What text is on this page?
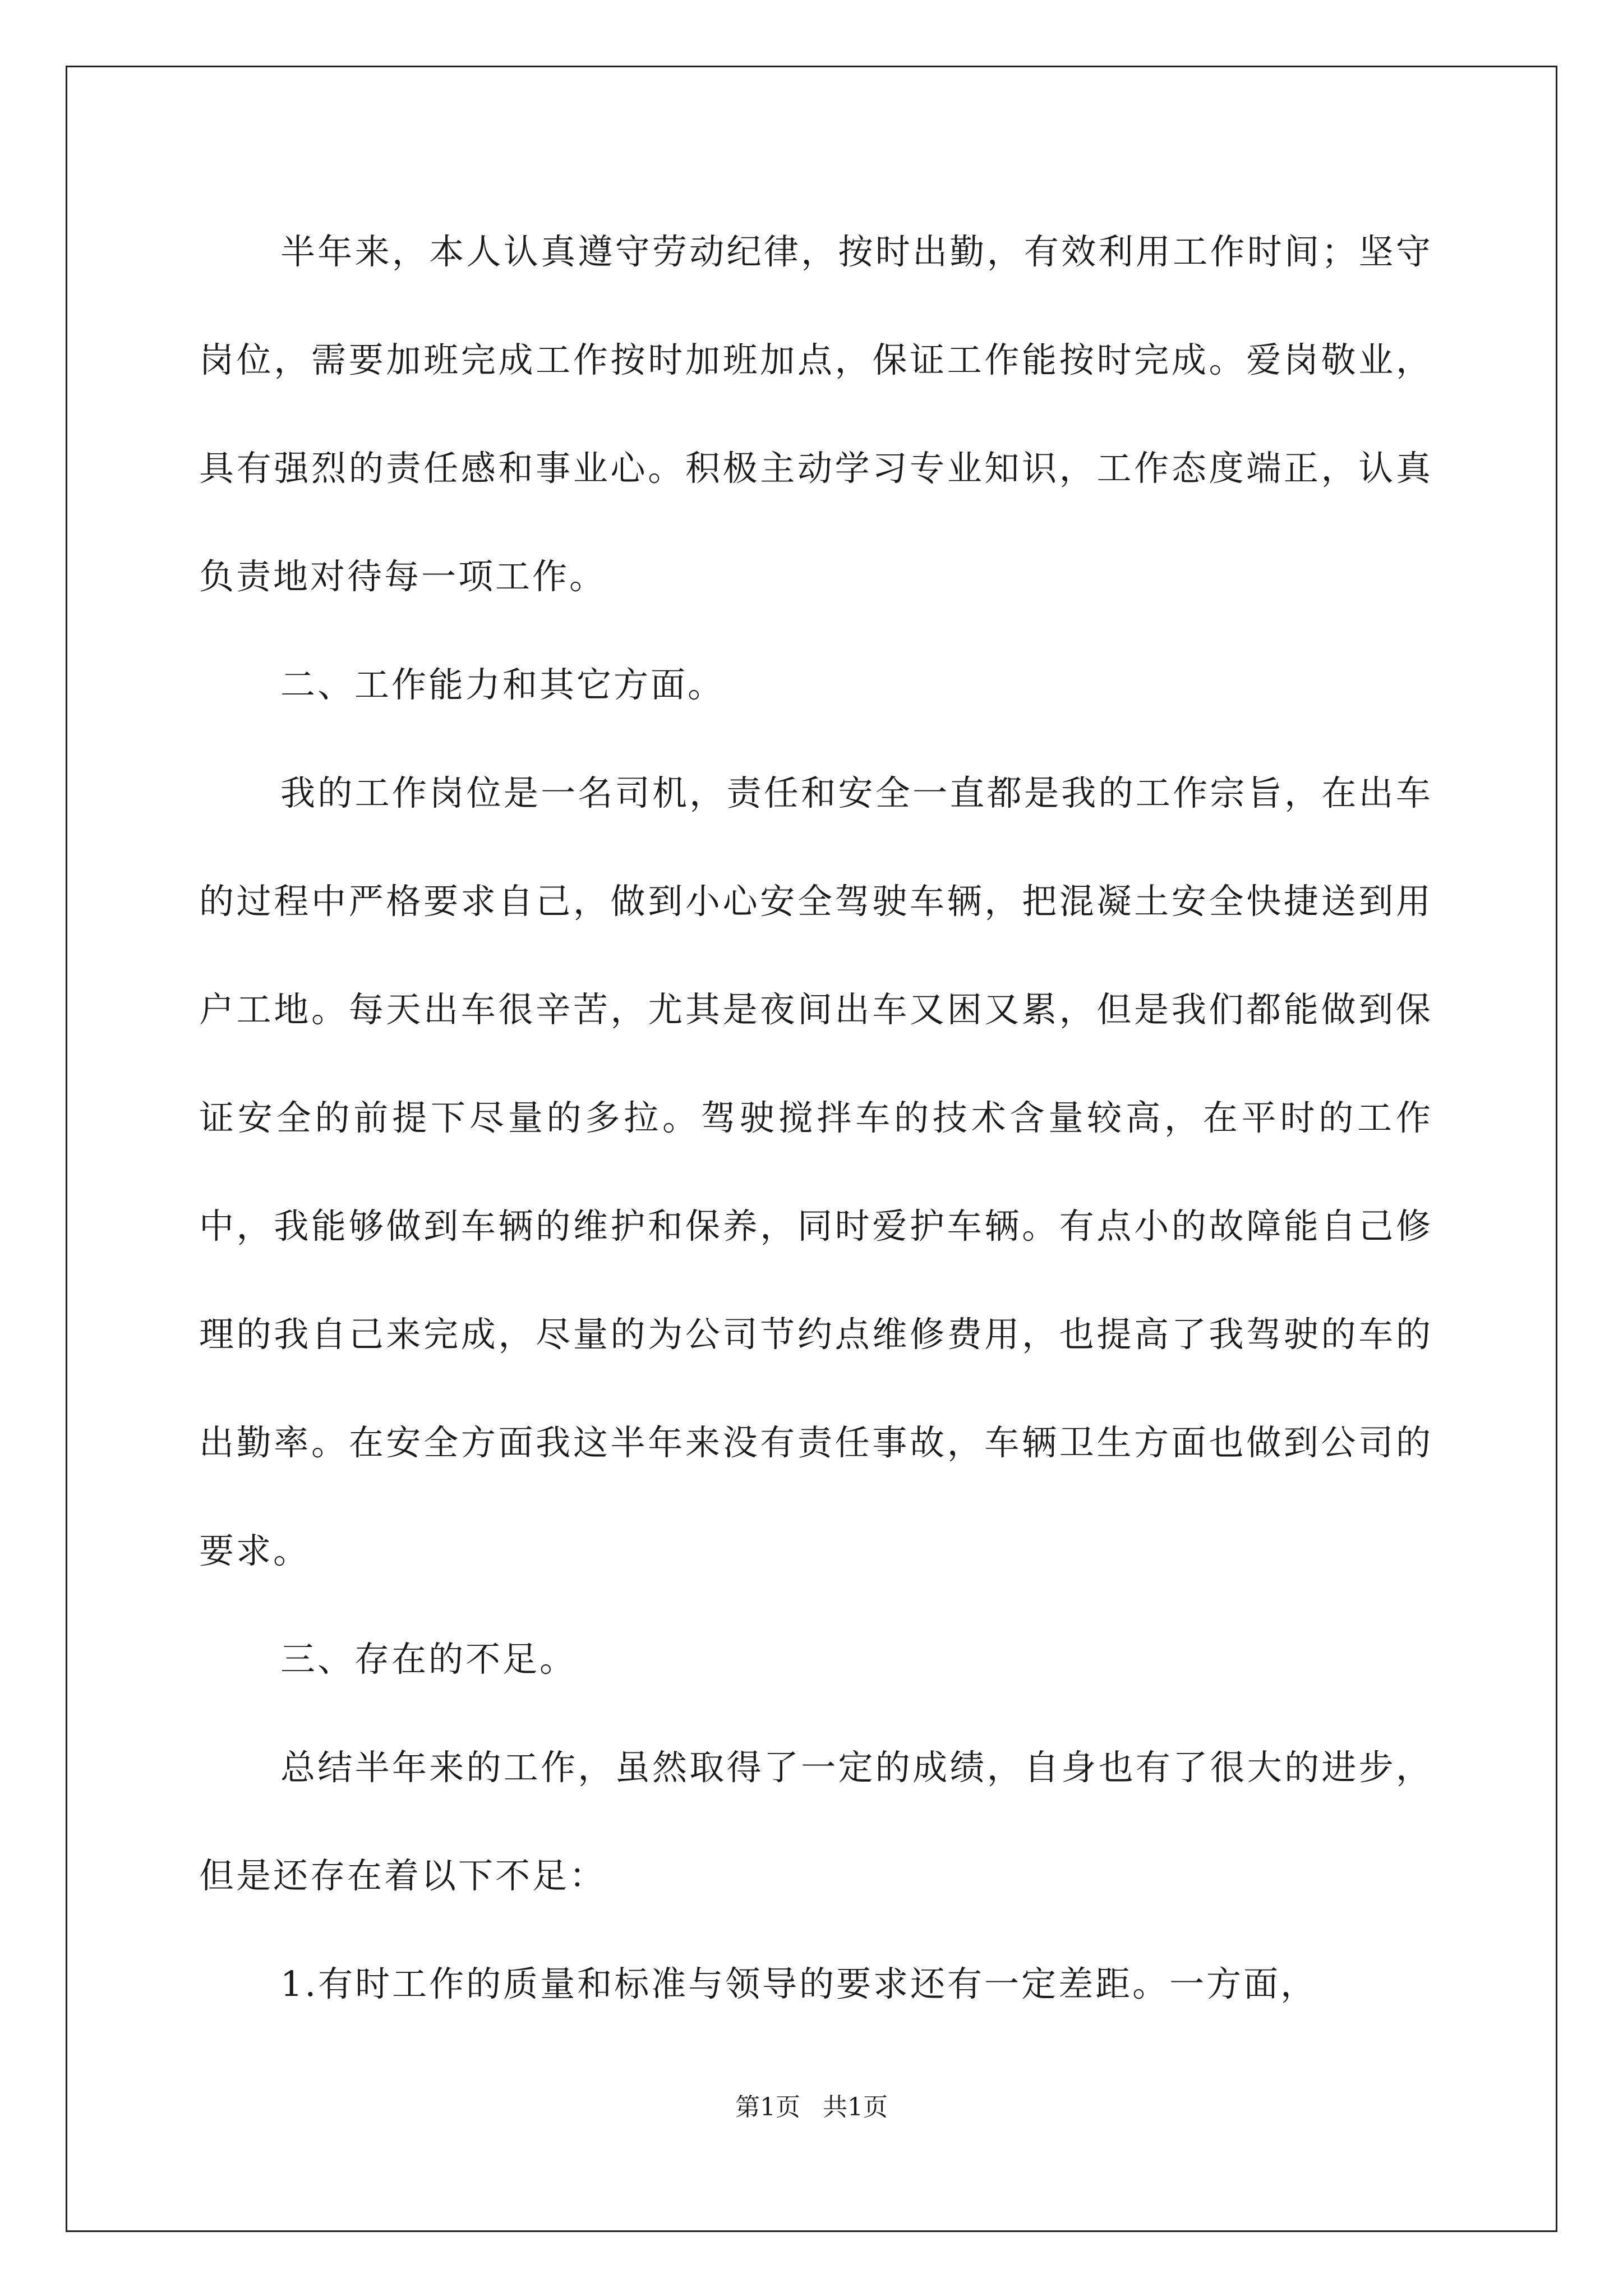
半年来，本人认真遵守劳动纪律，按时出勤，有效利用工作时间；坚守岗位，需要加班完成工作按时加班加点，保证工作能按时完成。爱岗敬业，具有强烈的责任感和事业心。积极主动学习专业知识，工作态度端正，认真负责地对待每一项工作。

二、工作能力和其它方面。

我的工作岗位是一名司机，责任和安全一直都是我的工作宗旨，在出车的过程中严格要求自己，做到小心安全驾驶车辆，把混凝土安全快捷送到用户工地。每天出车很辛苦，尤其是夜间出车又困又累，但是我们都能做到保证安全的前提下尽量的多拉。驾驶搅拌车的技术含量较高，在平时的工作中，我能够做到车辆的维护和保养，同时爱护车辆。有点小的故障能自己修理的我自己来完成，尽量的为公司节约点维修费用，也提高了我驾驶的车的出勤率。在安全方面我这半年来没有责任事故，车辆卫生方面也做到公司的要求。

三、存在的不足。

总结半年来的工作，虽然取得了一定的成绩，自身也有了很大的进步，但是还存在着以下不足：

1.有时工作的质量和标准与领导的要求还有一定差距。一方面，

第1页 共1页
